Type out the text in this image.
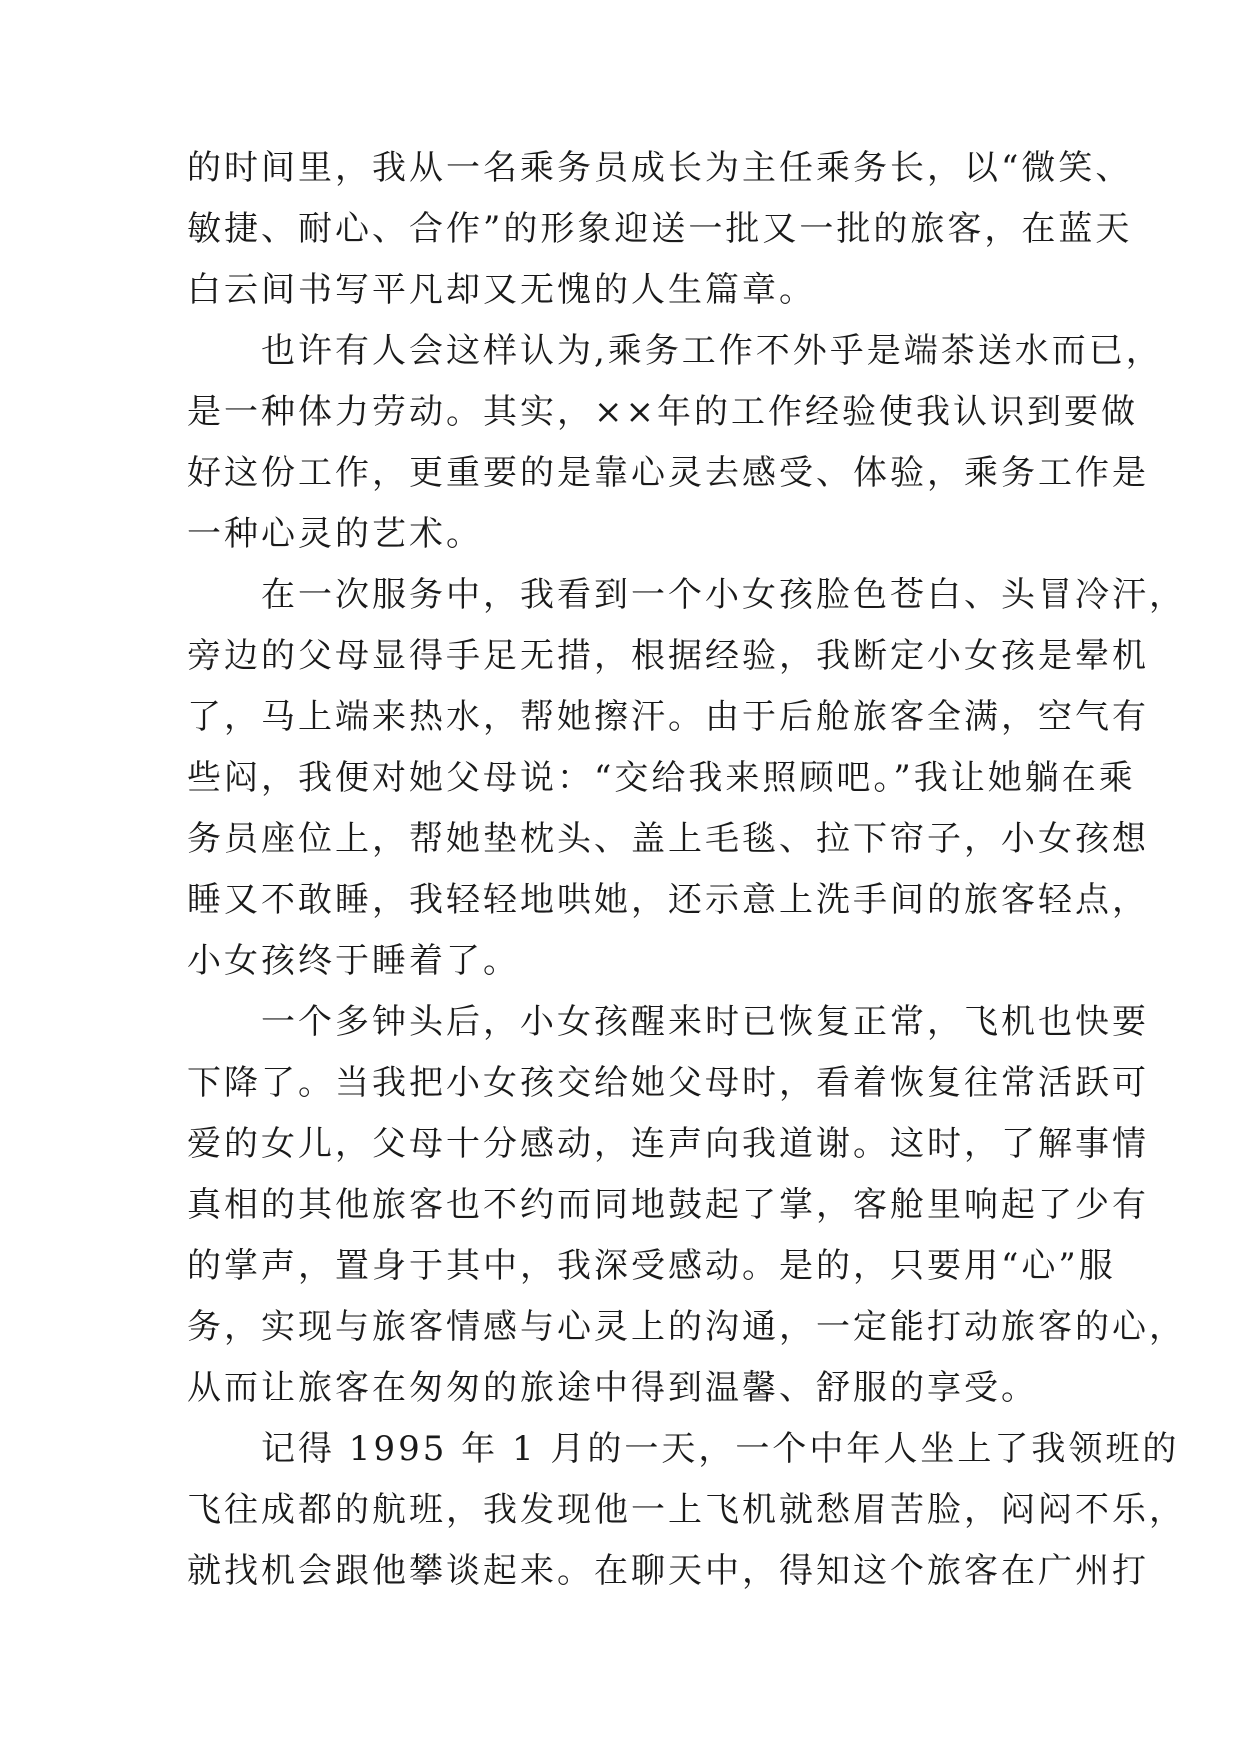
的时间里，我从一名乘务员成长为主任乘务长，以“微笑、
敏捷、耐心、合作”的形象迎送一批又一批的旅客，在蓝天
白云间书写平凡却又无愧的人生篇章。
　　也许有人会这样认为,乘务工作不外乎是端茶送水而已，
是一种体力劳动。其实，××年的工作经验使我认识到要做
好这份工作，更重要的是靠心灵去感受、体验，乘务工作是
一种心灵的艺术。
　　在一次服务中，我看到一个小女孩脸色苍白、头冒冷汗，
旁边的父母显得手足无措，根据经验，我断定小女孩是晕机
了，马上端来热水，帮她擦汗。由于后舱旅客全满，空气有
些闷，我便对她父母说：“交给我来照顾吧。”我让她躺在乘
务员座位上，帮她垫枕头、盖上毛毯、拉下帘子，小女孩想
睡又不敢睡，我轻轻地哄她，还示意上洗手间的旅客轻点，
小女孩终于睡着了。
　　一个多钟头后，小女孩醒来时已恢复正常，飞机也快要
下降了。当我把小女孩交给她父母时，看着恢复往常活跃可
爱的女儿，父母十分感动，连声向我道谢。这时，了解事情
真相的其他旅客也不约而同地鼓起了掌，客舱里响起了少有
的掌声，置身于其中，我深受感动。是的，只要用“心”服
务，实现与旅客情感与心灵上的沟通，一定能打动旅客的心，
从而让旅客在匆匆的旅途中得到温馨、舒服的享受。
　　记得 1995 年 1 月的一天，一个中年人坐上了我领班的
飞往成都的航班，我发现他一上飞机就愁眉苦脸，闷闷不乐，
就找机会跟他攀谈起来。在聊天中，得知这个旅客在广州打
